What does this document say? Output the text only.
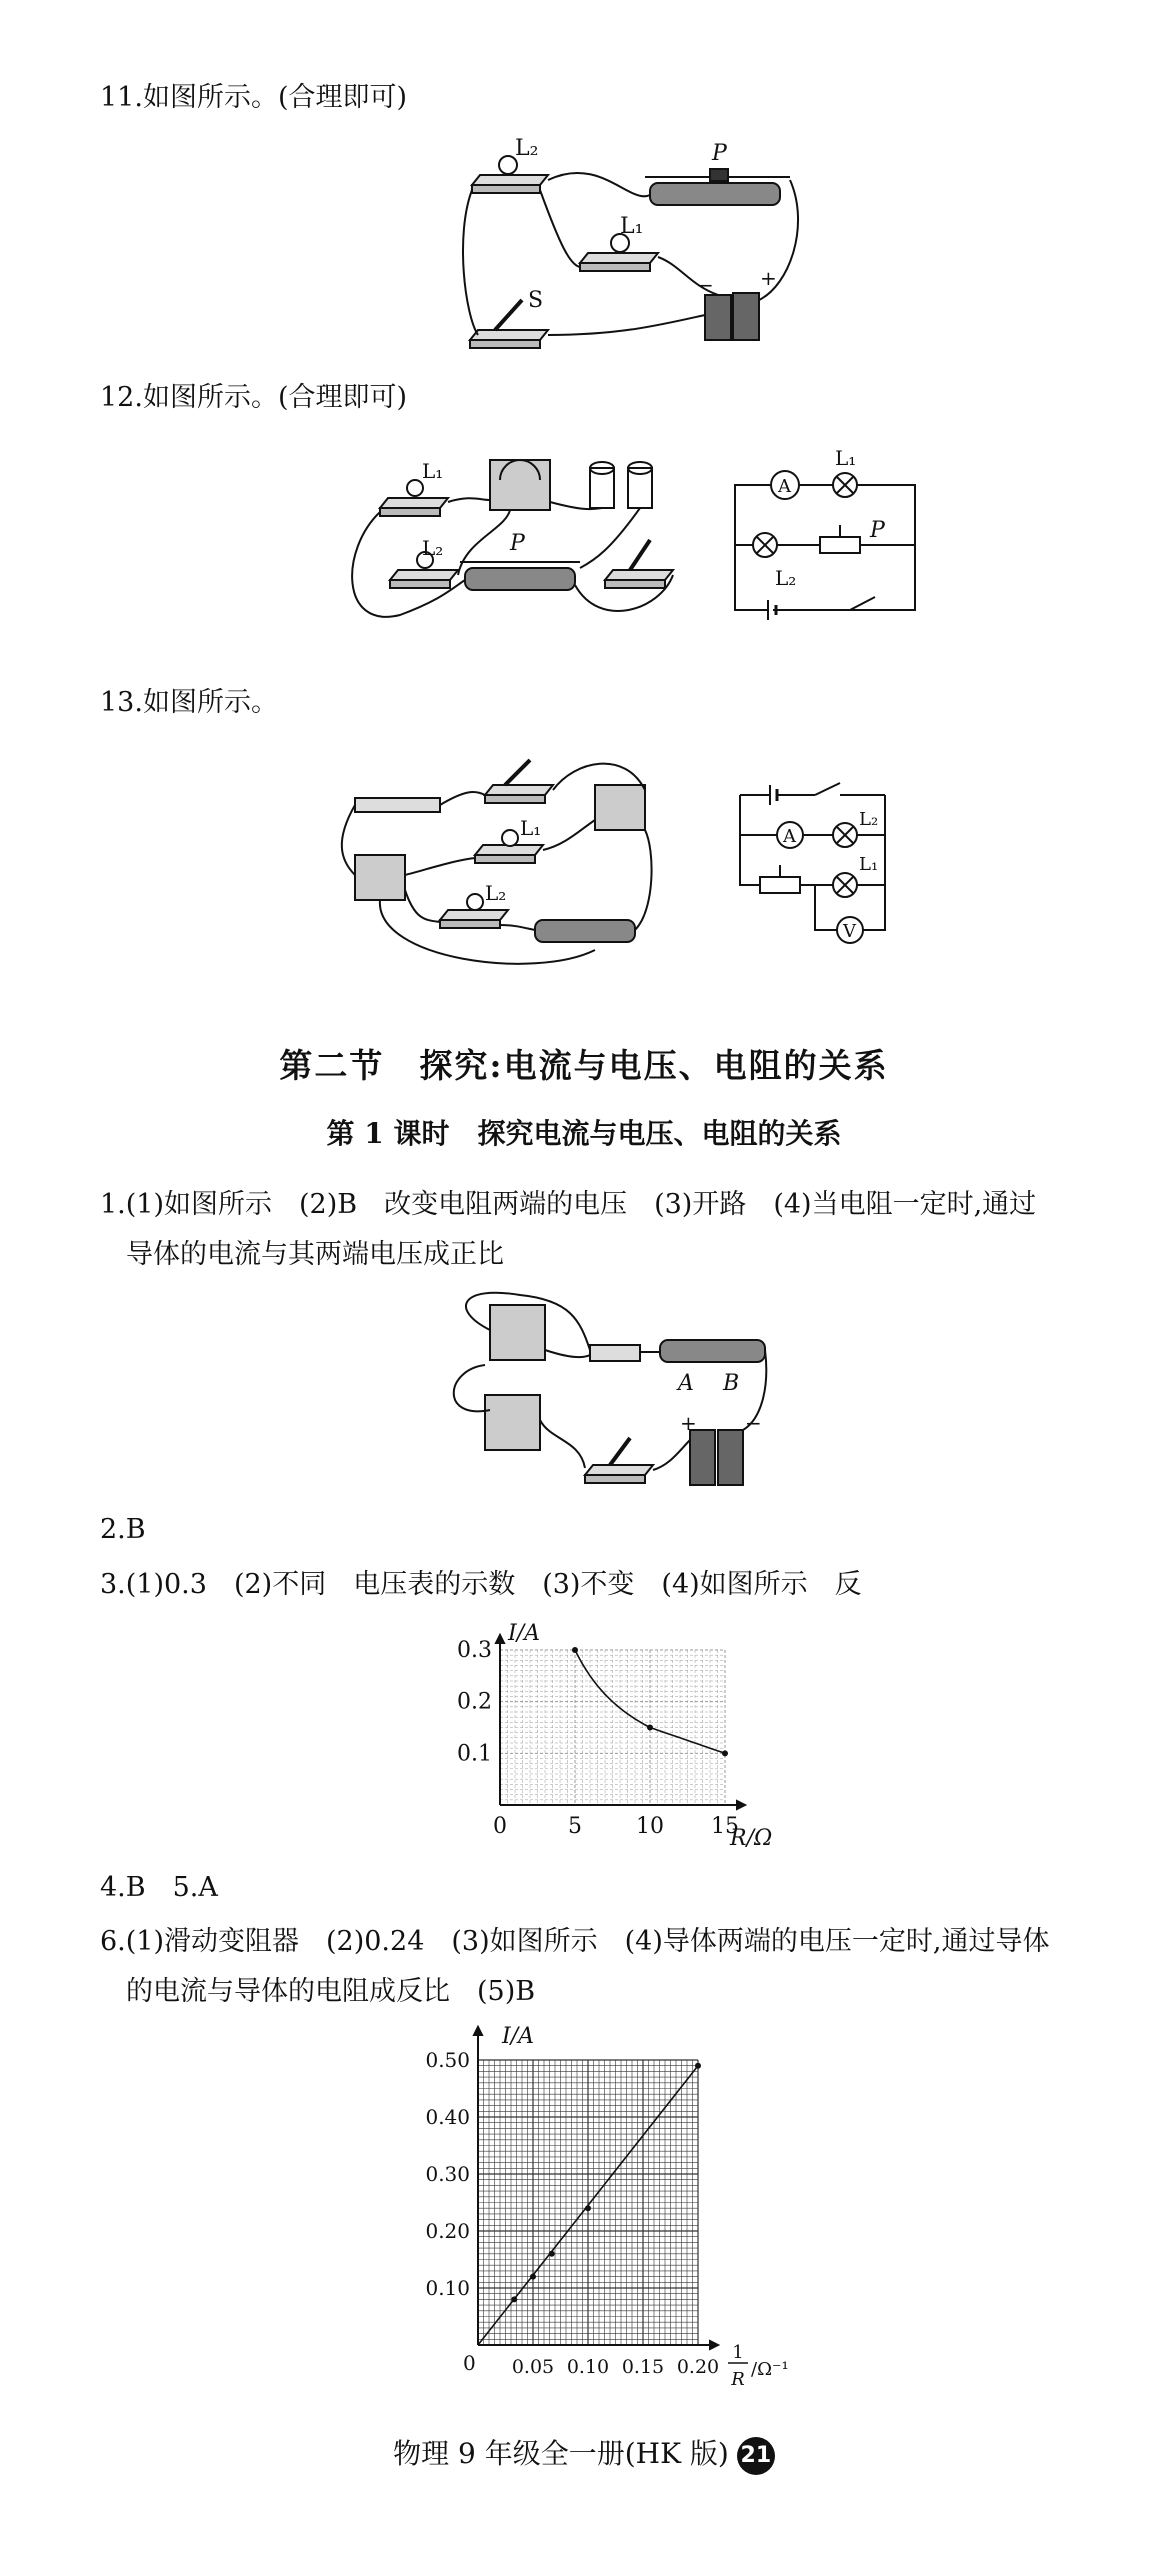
11.如图所示。(合理即可)
L₂
L₁
P
S
+
−
12.如图所示。(合理即可)
L₁
L₂	P
A
L₁
P
L₂
13.如图所示。
L₁
L₂
A
L₂
L₁
V
第二节　探究:电流与电压、电阻的关系
第 1 课时　探究电流与电压、电阻的关系
1.(1)如图所示　(2)B　改变电阻两端的电压　(3)开路　(4)当电阻一定时,通过
导体的电流与其两端电压成正比
A B
+ −
2.B
3.(1)0.3　(2)不同　电压表的示数　(3)不变　(4)如图所示　反
0	5 10 15
0.1
0.2
0.3
I/A
R/Ω
4.B　5.A
6.(1)滑动变阻器　(2)0.24　(3)如图所示　(4)导体两端的电压一定时,通过导体
的电流与导体的电阻成反比　(5)B
0.05 0.10 0.15 0.20
0.10
0.20
0.30
0.40
0.50
I/A
0	1
R /Ω⁻¹
物理 9 年级全一册(HK 版) 21
